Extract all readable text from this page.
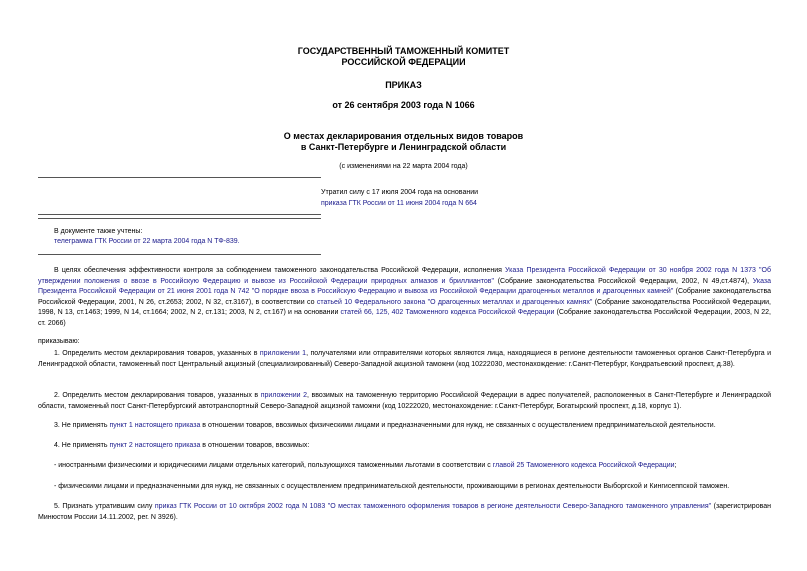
ГОСУДАРСТВЕННЫЙ ТАМОЖЕННЫЙ КОМИТЕТ
РОССИЙСКОЙ ФЕДЕРАЦИИ
ПРИКАЗ
от 26 сентября 2003 года N 1066
О местах декларирования отдельных видов товаров
в Санкт-Петербурге и Ленинградской области
(с изменениями на 22 марта 2004 года)
Утратил силу с 17 июля 2004 года на основании
приказа ГТК России от 11 июня 2004 года N 664
В документе также учтены:
телеграмма ГТК России от 22 марта 2004 года N ТФ-839.
В целях обеспечения эффективности контроля за соблюдением таможенного законодательства Российской Федерации, исполнения Указа Президента Российской Федерации от 30 ноября 2002 года N 1373 "Об утверждении положения о ввозе в Российскую Федерацию и вывозе из Российской Федерации природных алмазов и бриллиантов" (Собрание законодательства Российской Федерации, 2002, N 49,ст.4874), Указа Президента Российской Федерации от 21 июня 2001 года N 742 "О порядке ввоза в Российскую Федерацию и вывоза из Российской Федерации драгоценных металлов и драгоценных камней" (Собрание законодательства Российской Федерации, 2001, N 26, ст.2653; 2002, N 32, ст.3167), в соответствии со статьей 10 Федерального закона "О драгоценных металлах и драгоценных камнях" (Собрание законодательства Российской Федерации, 1998, N 13, ст.1463; 1999, N 14, ст.1664; 2002, N 2, ст.131; 2003, N 2, ст.167) и на основании статей 66, 125, 402 Таможенного кодекса Российской Федерации (Собрание законодательства Российской Федерации, 2003, N 22, ст. 2066)
приказываю:
1. Определить местом декларирования товаров, указанных в приложении 1, получателями или отправителями которых являются лица, находящиеся в регионе деятельности таможенных органов Санкт-Петербурга и Ленинградской области, таможенный пост Центральный акцизный (специализированный) Северо-Западной акцизной таможни (код 10222030, местонахождение: г.Санкт-Петербург, Кондратьевский проспект, д.38).
2. Определить местом декларирования товаров, указанных в приложении 2, ввозимых на таможенную территорию Российской Федерации в адрес получателей, расположенных в Санкт-Петербурге и Ленинградской области, таможенный пост Санкт-Петербургский автотранспортный Северо-Западной акцизной таможни (код 10222020, местонахождение: г.Санкт-Петербург, Богатырский проспект, д.18, корпус 1).
3. Не применять пункт 1 настоящего приказа в отношении товаров, ввозимых физическими лицами и предназначенными для нужд, не связанных с осуществлением предпринимательской деятельности.
4. Не применять пункт 2 настоящего приказа в отношении товаров, ввозимых:
- иностранными физическими и юридическими лицами отдельных категорий, пользующихся таможенными льготами в соответствии с главой 25 Таможенного кодекса Российской Федерации;
- физическими лицами и предназначенными для нужд, не связанных с осуществлением предпринимательской деятельности, проживающими в регионах деятельности Выборгской и Кингисеппской таможен.
5. Признать утратившим силу приказ ГТК России от 10 октября 2002 года N 1083 "О местах таможенного оформления товаров в регионе деятельности Северо-Западного таможенного управления" (зарегистрирован Минюстом России 14.11.2002, рег. N 3926).
